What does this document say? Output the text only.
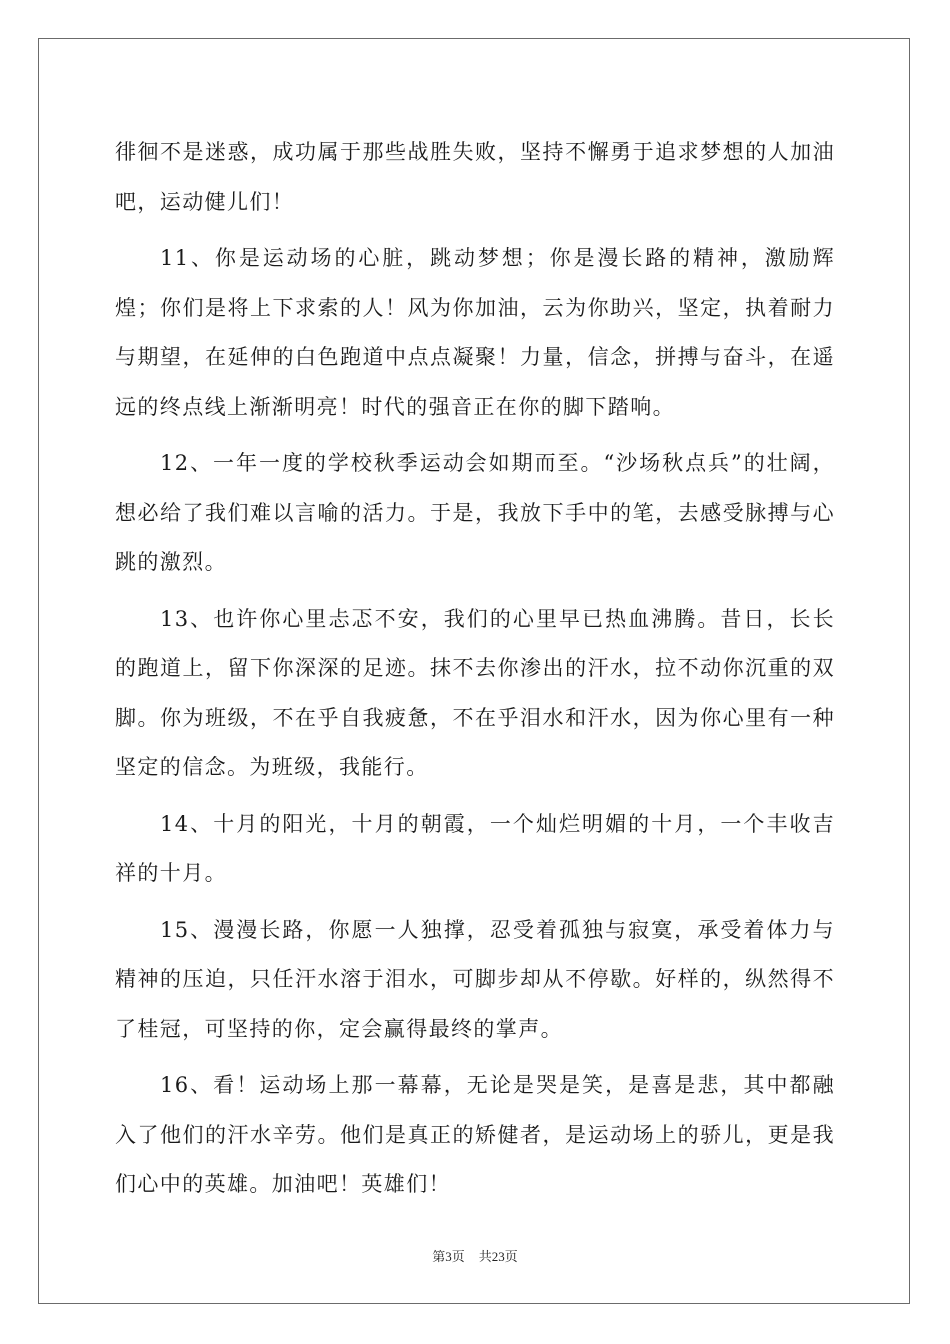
徘徊不是迷惑，成功属于那些战胜失败，坚持不懈勇于追求梦想的人加油吧，运动健儿们！

11、你是运动场的心脏，跳动梦想；你是漫长路的精神，激励辉煌；你们是将上下求索的人！风为你加油，云为你助兴，坚定，执着耐力与期望，在延伸的白色跑道中点点凝聚！力量，信念，拼搏与奋斗，在遥远的终点线上渐渐明亮！时代的强音正在你的脚下踏响。

12、一年一度的学校秋季运动会如期而至。“沙场秋点兵”的壮阔，想必给了我们难以言喻的活力。于是，我放下手中的笔，去感受脉搏与心跳的激烈。

13、也许你心里忐忑不安，我们的心里早已热血沸腾。昔日，长长的跑道上，留下你深深的足迹。抹不去你渗出的汗水，拉不动你沉重的双脚。你为班级，不在乎自我疲惫，不在乎泪水和汗水，因为你心里有一种坚定的信念。为班级，我能行。

14、十月的阳光，十月的朝霞，一个灿烂明媚的十月，一个丰收吉祥的十月。

15、漫漫长路，你愿一人独撑，忍受着孤独与寂寞，承受着体力与精神的压迫，只任汗水溶于泪水，可脚步却从不停歇。好样的，纵然得不了桂冠，可坚持的你，定会赢得最终的掌声。

16、看！运动场上那一幕幕，无论是哭是笑，是喜是悲，其中都融入了他们的汗水辛劳。他们是真正的矫健者，是运动场上的骄儿，更是我们心中的英雄。加油吧！英雄们！

第3页 共23页
